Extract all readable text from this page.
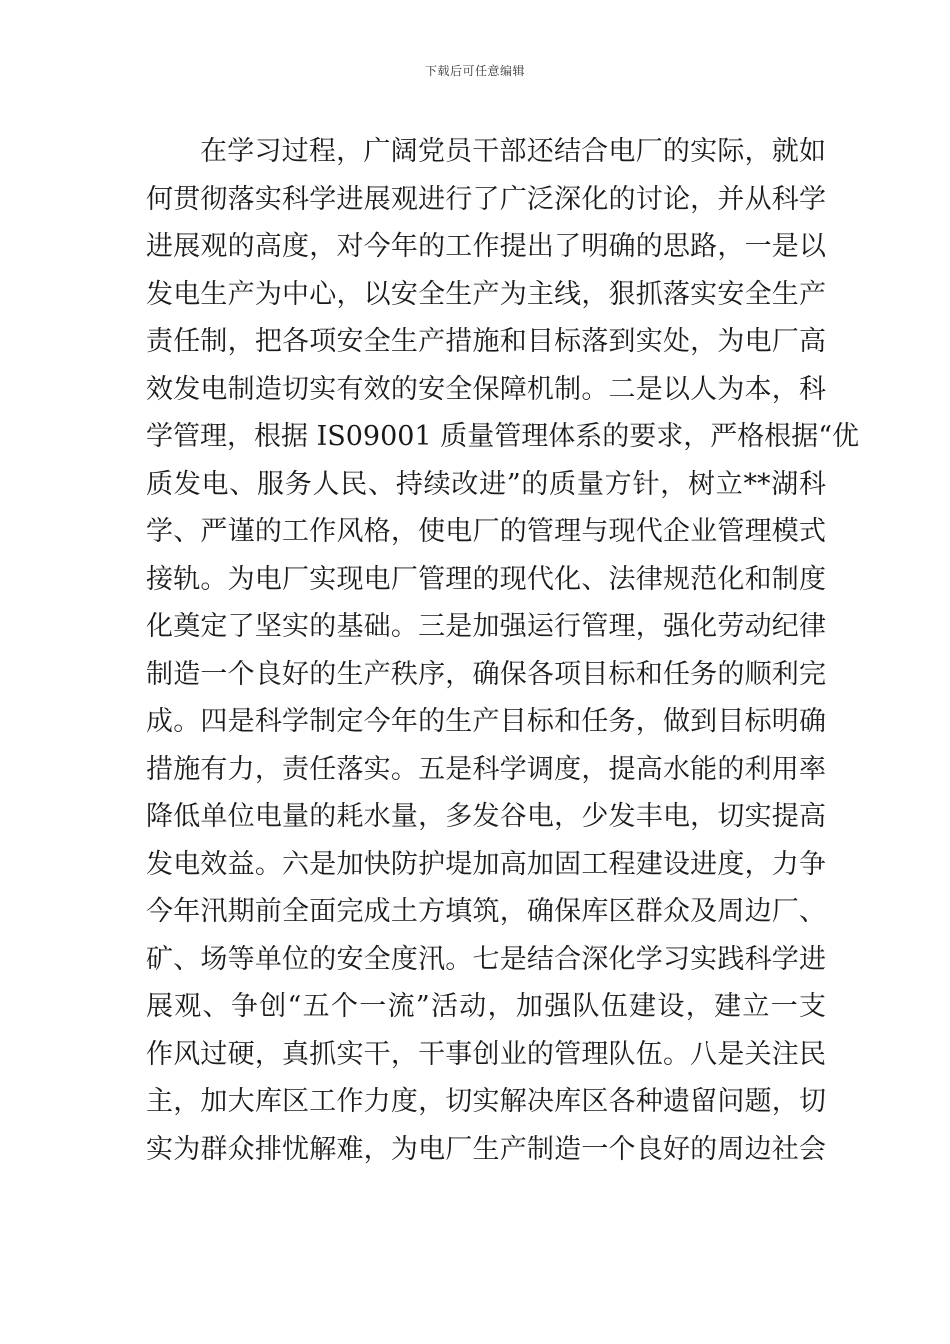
下载后可任意编辑
在学习过程，广阔党员干部还结合电厂的实际，就如
何贯彻落实科学进展观进行了广泛深化的讨论，并从科学
进展观的高度，对今年的工作提出了明确的思路，一是以
发电生产为中心，以安全生产为主线，狠抓落实安全生产
责任制，把各项安全生产措施和目标落到实处，为电厂高
效发电制造切实有效的安全保障机制。二是以人为本，科
学管理，根据 IS09001 质量管理体系的要求，严格根据“优
质发电、服务人民、持续改进”的质量方针，树立**湖科
学、严谨的工作风格，使电厂的管理与现代企业管理模式
接轨。为电厂实现电厂管理的现代化、法律规范化和制度
化奠定了坚实的基础。三是加强运行管理，强化劳动纪律
制造一个良好的生产秩序，确保各项目标和任务的顺利完
成。四是科学制定今年的生产目标和任务，做到目标明确
措施有力，责任落实。五是科学调度，提高水能的利用率
降低单位电量的耗水量，多发谷电，少发丰电，切实提高
发电效益。六是加快防护堤加高加固工程建设进度，力争
今年汛期前全面完成土方填筑，确保库区群众及周边厂、
矿、场等单位的安全度汛。七是结合深化学习实践科学进
展观、争创“五个一流”活动，加强队伍建设，建立一支
作风过硬，真抓实干，干事创业的管理队伍。八是关注民
主，加大库区工作力度，切实解决库区各种遗留问题，切
实为群众排忧解难，为电厂生产制造一个良好的周边社会
